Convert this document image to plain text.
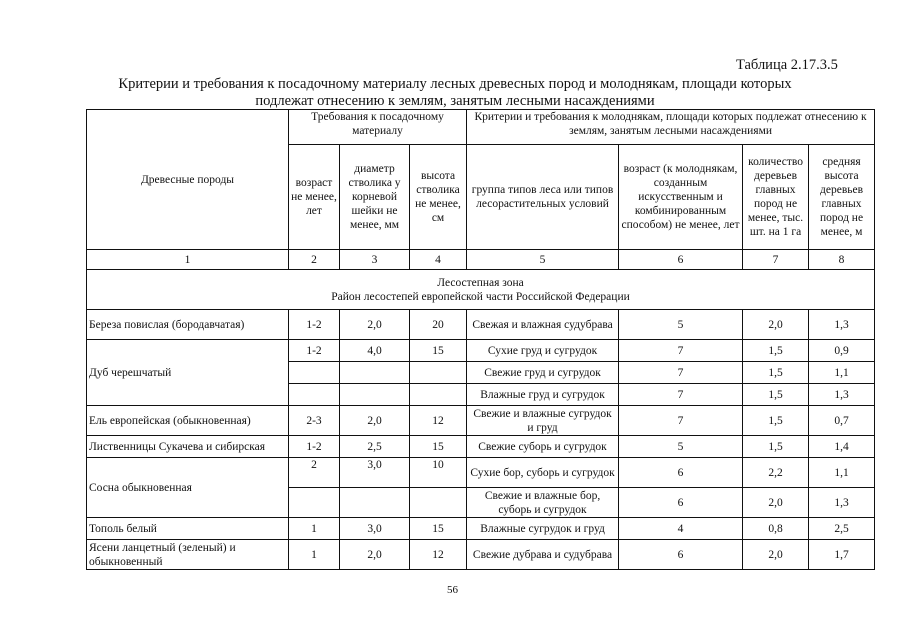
Таблица 2.17.3.5
Критерии и требования к посадочному материалу лесных древесных пород и молоднякам, площади которых подлежат отнесению к землям, занятым лесными насаждениями
Древесные породы	Требования к посадочному материалу			Критерии и требования к молоднякам, площади которых подлежат отнесению к землям, занятым лесными насаждениями			
	возраст не менее, лет	диаметр стволика у корневой шейки не менее, мм	высота стволика не менее, см	группа типов леса или типов лесорастительных условий	возраст (к молоднякам, созданным искусственным и комбинированным способом) не менее, лет	количество деревьев главных пород не менее, тыс. шт. на 1 га	средняя высота деревьев главных пород не менее, м
1	2	3	4	5	6	7	8

Лесостепная зона
Район лесостепей европейской части Российской Федерации							

Береза повислая (бородавчатая)	1-2	2,0	20	Свежая и влажная судубрава	5	2,0	1,3
Дуб черешчатый	1-2	4,0	15	Сухие груд и сугрудок	7	1,5	0,9
				Свежие груд и сугрудок	7	1,5	1,1
				Влажные груд и сугрудок	7	1,5	1,3
Ель европейская (обыкновенная)	2-3	2,0	12	Свежие и влажные сугрудок и груд	7	1,5	0,7
Лиственницы Сукачева и сибирская	1-2	2,5	15	Свежие суборь и сугрудок	5	1,5	1,4
Сосна обыкновенная	2	3,0	10	Сухие бор, суборь и сугрудок	6	2,2	1,1
				Свежие и влажные бор, суборь и сугрудок	6	2,0	1,3
Тополь белый	1	3,0	15	Влажные сугрудок и груд	4	0,8	2,5
Ясени ланцетный (зеленый) и обыкновенный	1	2,0	12	Свежие дубрава и судубрава	6	2,0	1,7
56
